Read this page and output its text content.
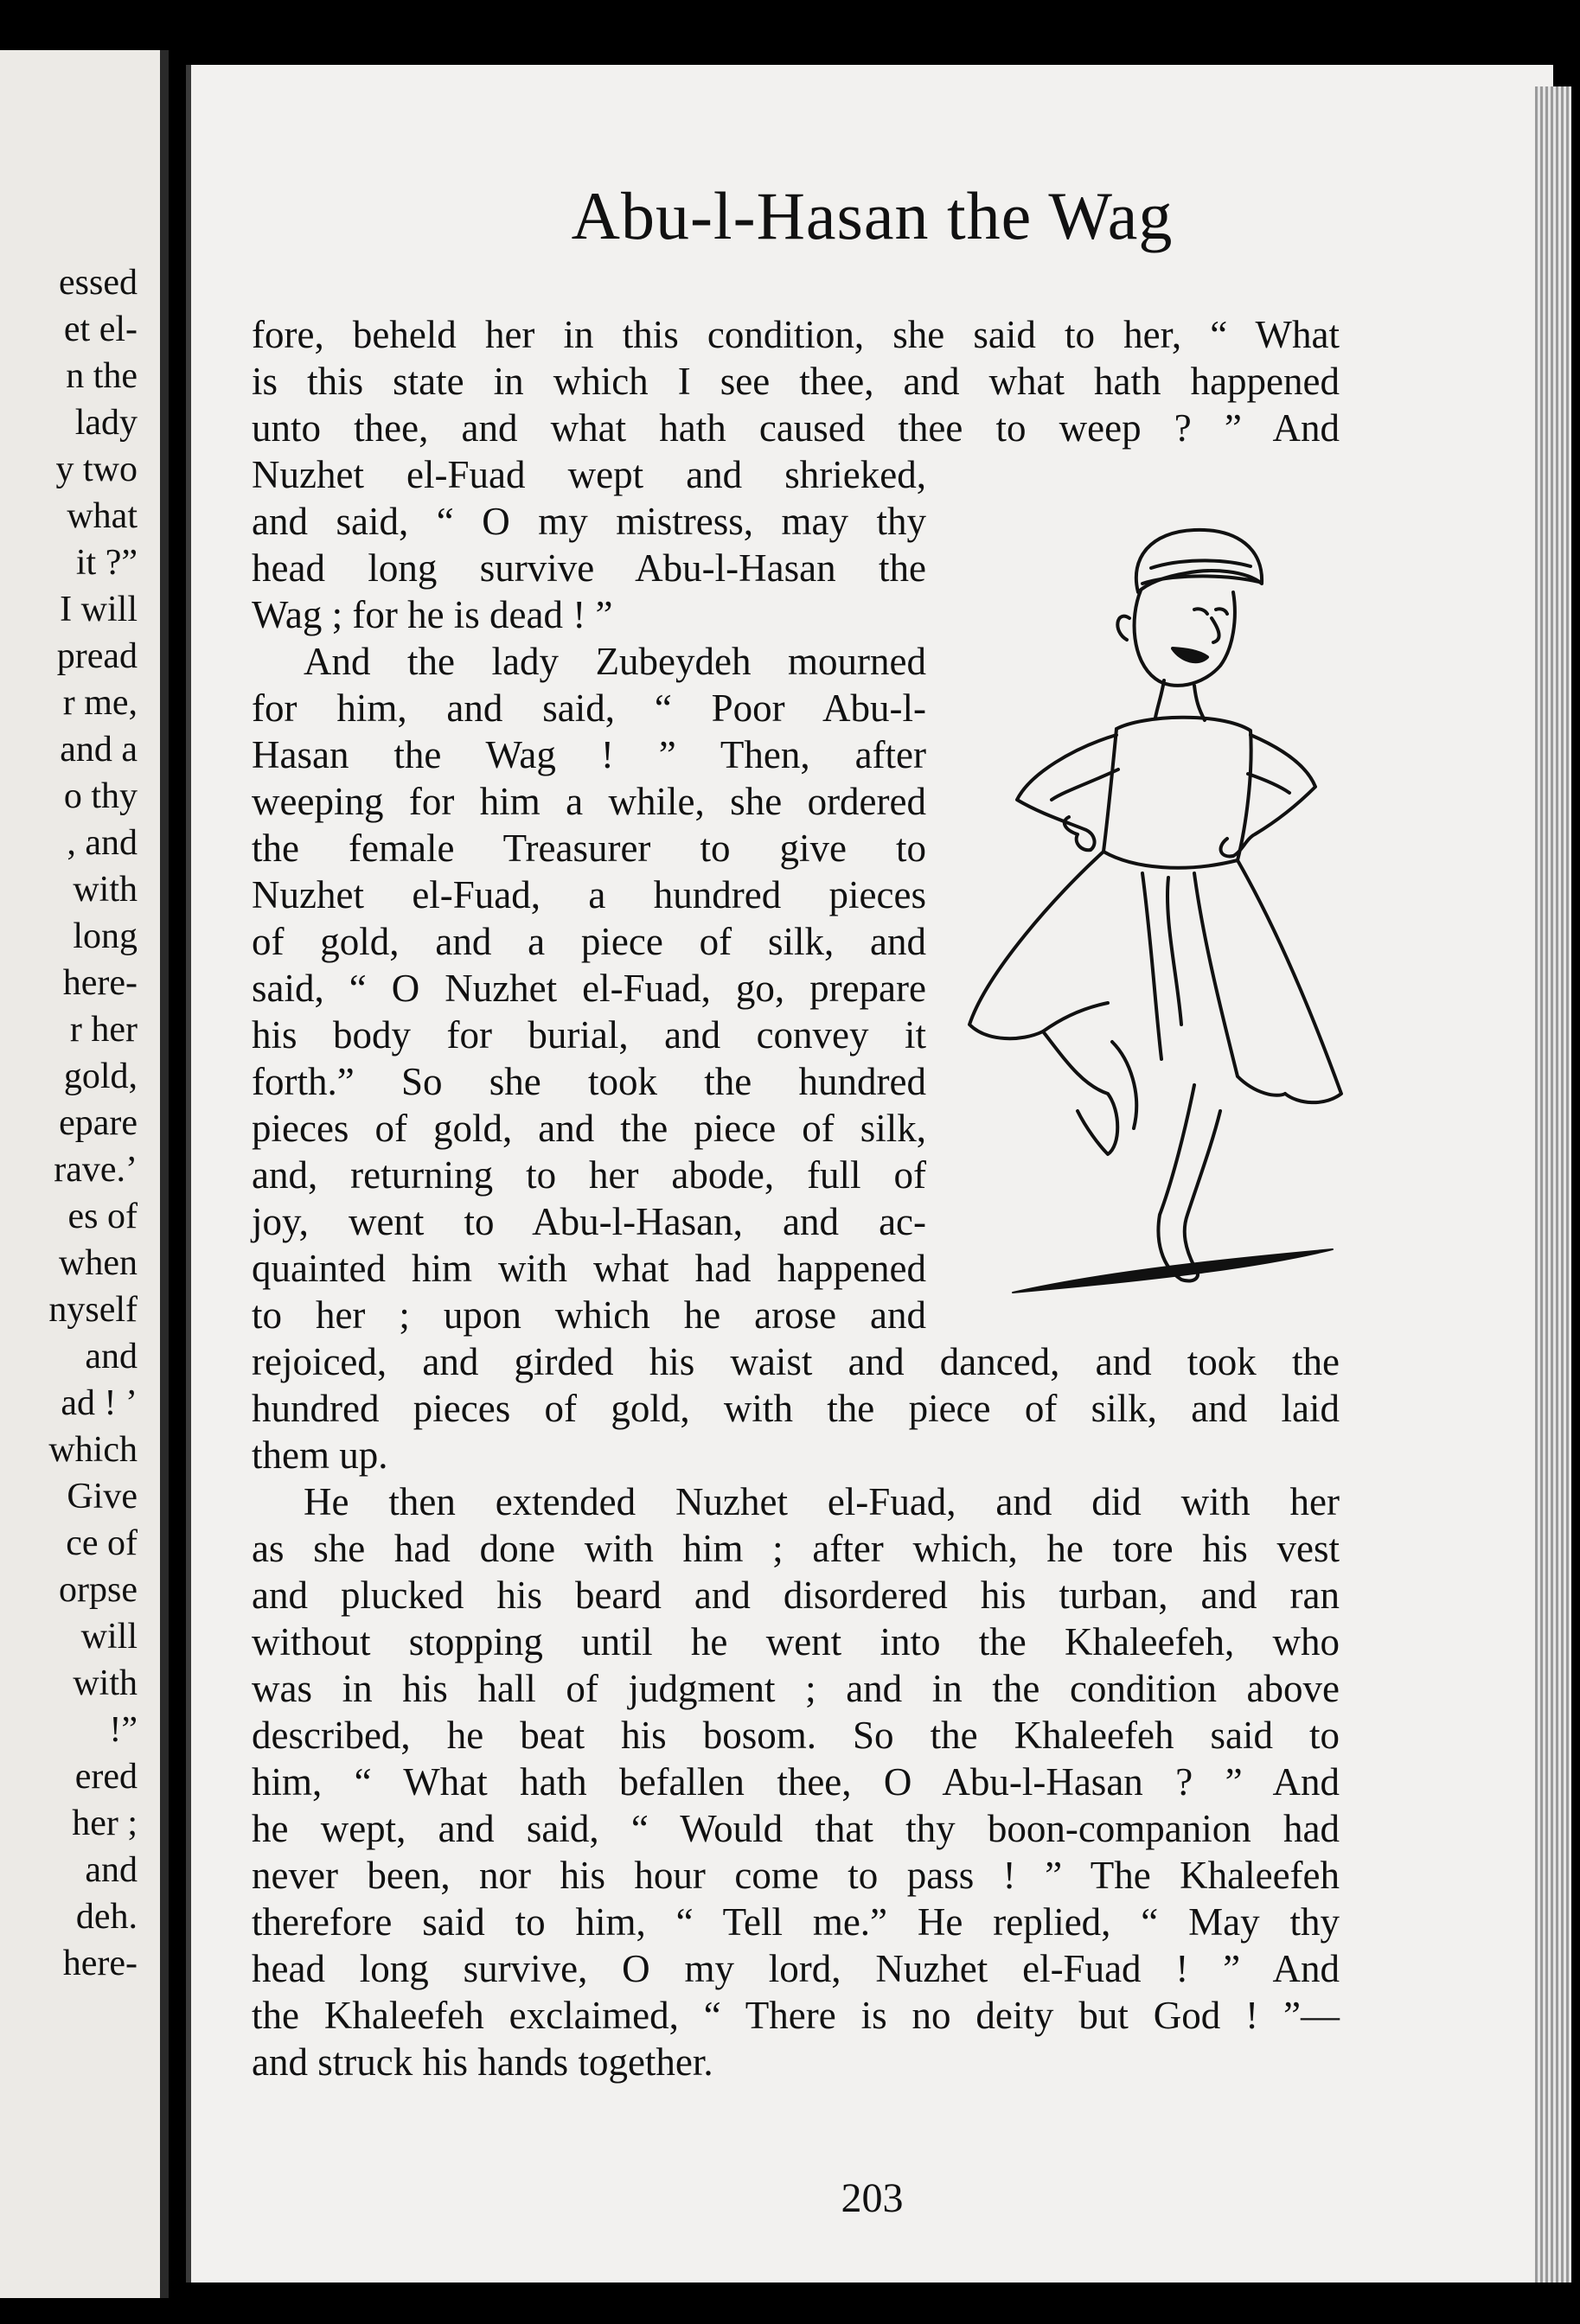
essed
et el-
n the
lady
y two
what
it ?”
I will
pread
r me,
and a
o thy
, and
with
long
here-
r her
gold,
epare
rave.’
es of
when
nyself
and
ad ! ’
which
Give
ce of
orpse
will
with
!”
ered
her ;
and
deh.
here-
Abu-l-Hasan the Wag
fore, beheld her in this condition, she said to her, “ What
is this state in which I see thee, and what hath happened
unto thee, and what hath caused thee to weep ? ” And
Nuzhet el-Fuad wept and shrieked,
and said, “ O my mistress, may thy
head long survive Abu-l-Hasan the
Wag ; for he is dead ! ”
And the lady Zubeydeh mourned
for him, and said, “ Poor Abu-l-
Hasan the Wag ! ” Then, after
weeping for him a while, she ordered
the female Treasurer to give to
Nuzhet el-Fuad, a hundred pieces
of gold, and a piece of silk, and
said, “ O Nuzhet el-Fuad, go, prepare
his body for burial, and convey it
forth.” So she took the hundred
pieces of gold, and the piece of silk,
and, returning to her abode, full of
joy, went to Abu-l-Hasan, and ac-
quainted him with what had happened
to her ; upon which he arose and
rejoiced, and girded his waist and danced, and took the
hundred pieces of gold, with the piece of silk, and laid
them up.
He then extended Nuzhet el-Fuad, and did with her
as she had done with him ; after which, he tore his vest
and plucked his beard and disordered his turban, and ran
without stopping until he went into the Khaleefeh, who
was in his hall of judgment ; and in the condition above
described, he beat his bosom. So the Khaleefeh said to
him, “ What hath befallen thee, O Abu-l-Hasan ? ” And
he wept, and said, “ Would that thy boon-companion had
never been, nor his hour come to pass ! ” The Khaleefeh
therefore said to him, “ Tell me.” He replied, “ May thy
head long survive, O my lord, Nuzhet el-Fuad ! ” And
the Khaleefeh exclaimed, “ There is no deity but God ! ”—
and struck his hands together.
203
